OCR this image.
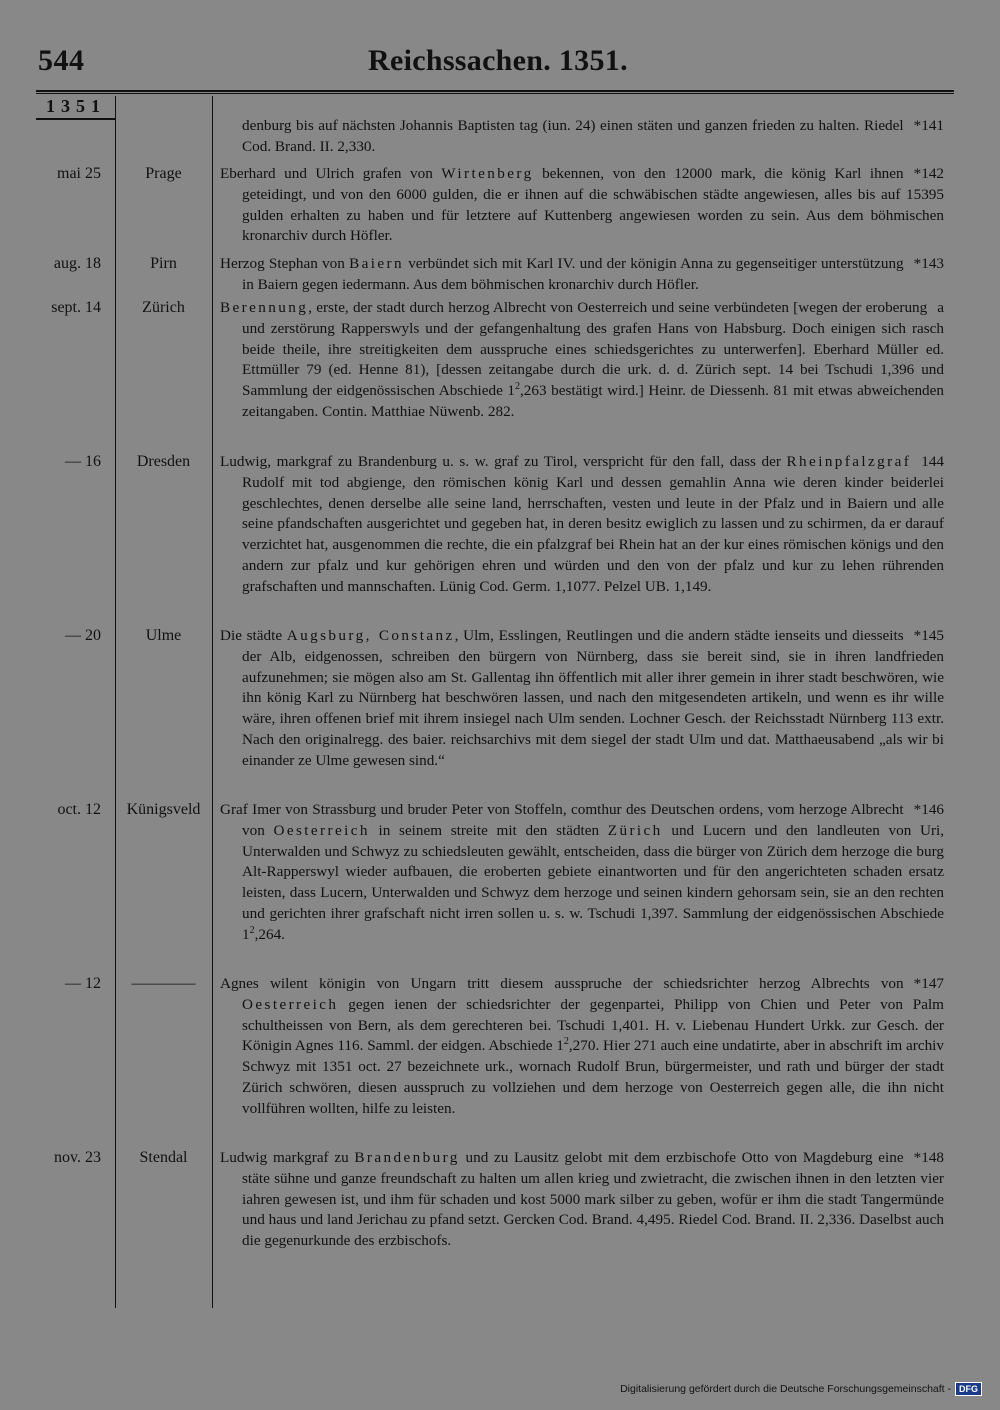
544	Reichssachen. 1351.
1351
*141
denburg bis auf nächsten Johannis Baptisten tag (iun. 24) einen stäten und ganzen frieden zu halten. Riedel Cod. Brand. II. 2,330.
mai 25	Prage	*142
Eberhard und Ulrich grafen von Wirtenberg bekennen, von den 12000 mark, die könig Karl ihnen geteidingt, und von den 6000 gulden, die er ihnen auf die schwäbischen städte angewiesen, alles bis auf 15395 gulden erhalten zu haben und für letztere auf Kuttenberg angewiesen worden zu sein. Aus dem böhmischen kronarchiv durch Höfler.
aug. 18	Pirn	*143
Herzog Stephan von Baiern verbündet sich mit Karl IV. und der königin Anna zu gegenseitiger unterstützung in Baiern gegen iedermann. Aus dem böhmischen kronarchiv durch Höfler.
sept. 14	Zürich	a
Berennung, erste, der stadt durch herzog Albrecht von Oesterreich und seine verbündeten [wegen der eroberung und zerstörung Rapperswyls und der gefangenhaltung des grafen Hans von Habsburg. Doch einigen sich rasch beide theile, ihre streitigkeiten dem ausspruche eines schiedsgerichtes zu unterwerfen]. Eberhard Müller ed. Ettmüller 79 (ed. Henne 81), [dessen zeitangabe durch die urk. d. d. Zürich sept. 14 bei Tschudi 1,396 und Sammlung der eidgenössischen Abschiede $1^2,263$ bestätigt wird.] Heinr. de Diessenh. 81 mit etwas abweichenden zeitangaben. Contin. Matthiae Nüwenb. 282.
— 16	Dresden	144
Ludwig, markgraf zu Brandenburg u. s. w. graf zu Tirol, verspricht für den fall, dass der Rheinpfalzgraf Rudolf mit tod abgienge, den römischen könig Karl und dessen gemahlin Anna wie deren kinder beiderlei geschlechtes, denen derselbe alle seine land, herrschaften, vesten und leute in der Pfalz und in Baiern und alle seine pfandschaften ausgerichtet und gegeben hat, in deren besitz ewiglich zu lassen und zu schirmen, da er darauf verzichtet hat, ausgenommen die rechte, die ein pfalzgraf bei Rhein hat an der kur eines römischen königs und den andern zur pfalz und kur gehörigen ehren und würden und den von der pfalz und kur zu lehen rührenden grafschaften und mannschaften. Lünig Cod. Germ. 1,1077. Pelzel UB. 1,149.
— 20	Ulme	*145
Die städte Augsburg, Constanz, Ulm, Esslingen, Reutlingen und die andern städte ienseits und diesseits der Alb, eidgenossen, schreiben den bürgern von Nürnberg, dass sie bereit sind, sie in ihren landfrieden aufzunehmen; sie mögen also am St. Gallentag ihn öffentlich mit aller ihrer gemein in ihrer stadt beschwören, wie ihn könig Karl zu Nürnberg hat beschwören lassen, und nach den mitgesendeten artikeln, und wenn es ihr wille wäre, ihren offenen brief mit ihrem insiegel nach Ulm senden. Lochner Gesch. der Reichsstadt Nürnberg 113 extr. Nach den originalregg. des baier. reichsarchivs mit dem siegel der stadt Ulm und dat. Matthaeusabend „als wir bi einander ze Ulme gewesen sind.“
oct. 12	Künigsveld	*146
Graf Imer von Strassburg und bruder Peter von Stoffeln, comthur des Deutschen ordens, vom herzoge Albrecht von Oesterreich in seinem streite mit den städten Zürich und Lucern und den landleuten von Uri, Unterwalden und Schwyz zu schiedsleuten gewählt, entscheiden, dass die bürger von Zürich dem herzoge die burg Alt-Rapperswyl wieder aufbauen, die eroberten gebiete einantworten und für den angerichteten schaden ersatz leisten, dass Lucern, Unterwalden und Schwyz dem herzoge und seinen kindern gehorsam sein, sie an den rechten und gerichten ihrer grafschaft nicht irren sollen u. s. w. Tschudi 1,397. Sammlung der eidgenössischen Abschiede $1^2,264$.
— 12	————	*147
Agnes wilent königin von Ungarn tritt diesem ausspruche der schiedsrichter herzog Albrechts von Oesterreich gegen ienen der schiedsrichter der gegenpartei, Philipp von Chien und Peter von Palm schultheissen von Bern, als dem gerechteren bei. Tschudi 1,401. H. v. Liebenau Hundert Urkk. zur Gesch. der Königin Agnes 116. Samml. der eidgen. Abschiede $1^2,270$. Hier 271 auch eine undatirte, aber in abschrift im archiv Schwyz mit 1351 oct. 27 bezeichnete urk., wornach Rudolf Brun, bürgermeister, und rath und bürger der stadt Zürich schwören, diesen ausspruch zu vollziehen und dem herzoge von Oesterreich gegen alle, die ihn nicht vollführen wollten, hilfe zu leisten.
nov. 23	Stendal	*148
Ludwig markgraf zu Brandenburg und zu Lausitz gelobt mit dem erzbischofe Otto von Magdeburg eine stäte sühne und ganze freundschaft zu halten um allen krieg und zwietracht, die zwischen ihnen in den letzten vier iahren gewesen ist, und ihm für schaden und kost 5000 mark silber zu geben, wofür er ihm die stadt Tangermünde und haus und land Jerichau zu pfand setzt. Gercken Cod. Brand. 4,495. Riedel Cod. Brand. II. 2,336. Daselbst auch die gegenurkunde des erzbischofs.
Digitalisierung gefördert durch die Deutsche Forschungsgemeinschaft - DFG
